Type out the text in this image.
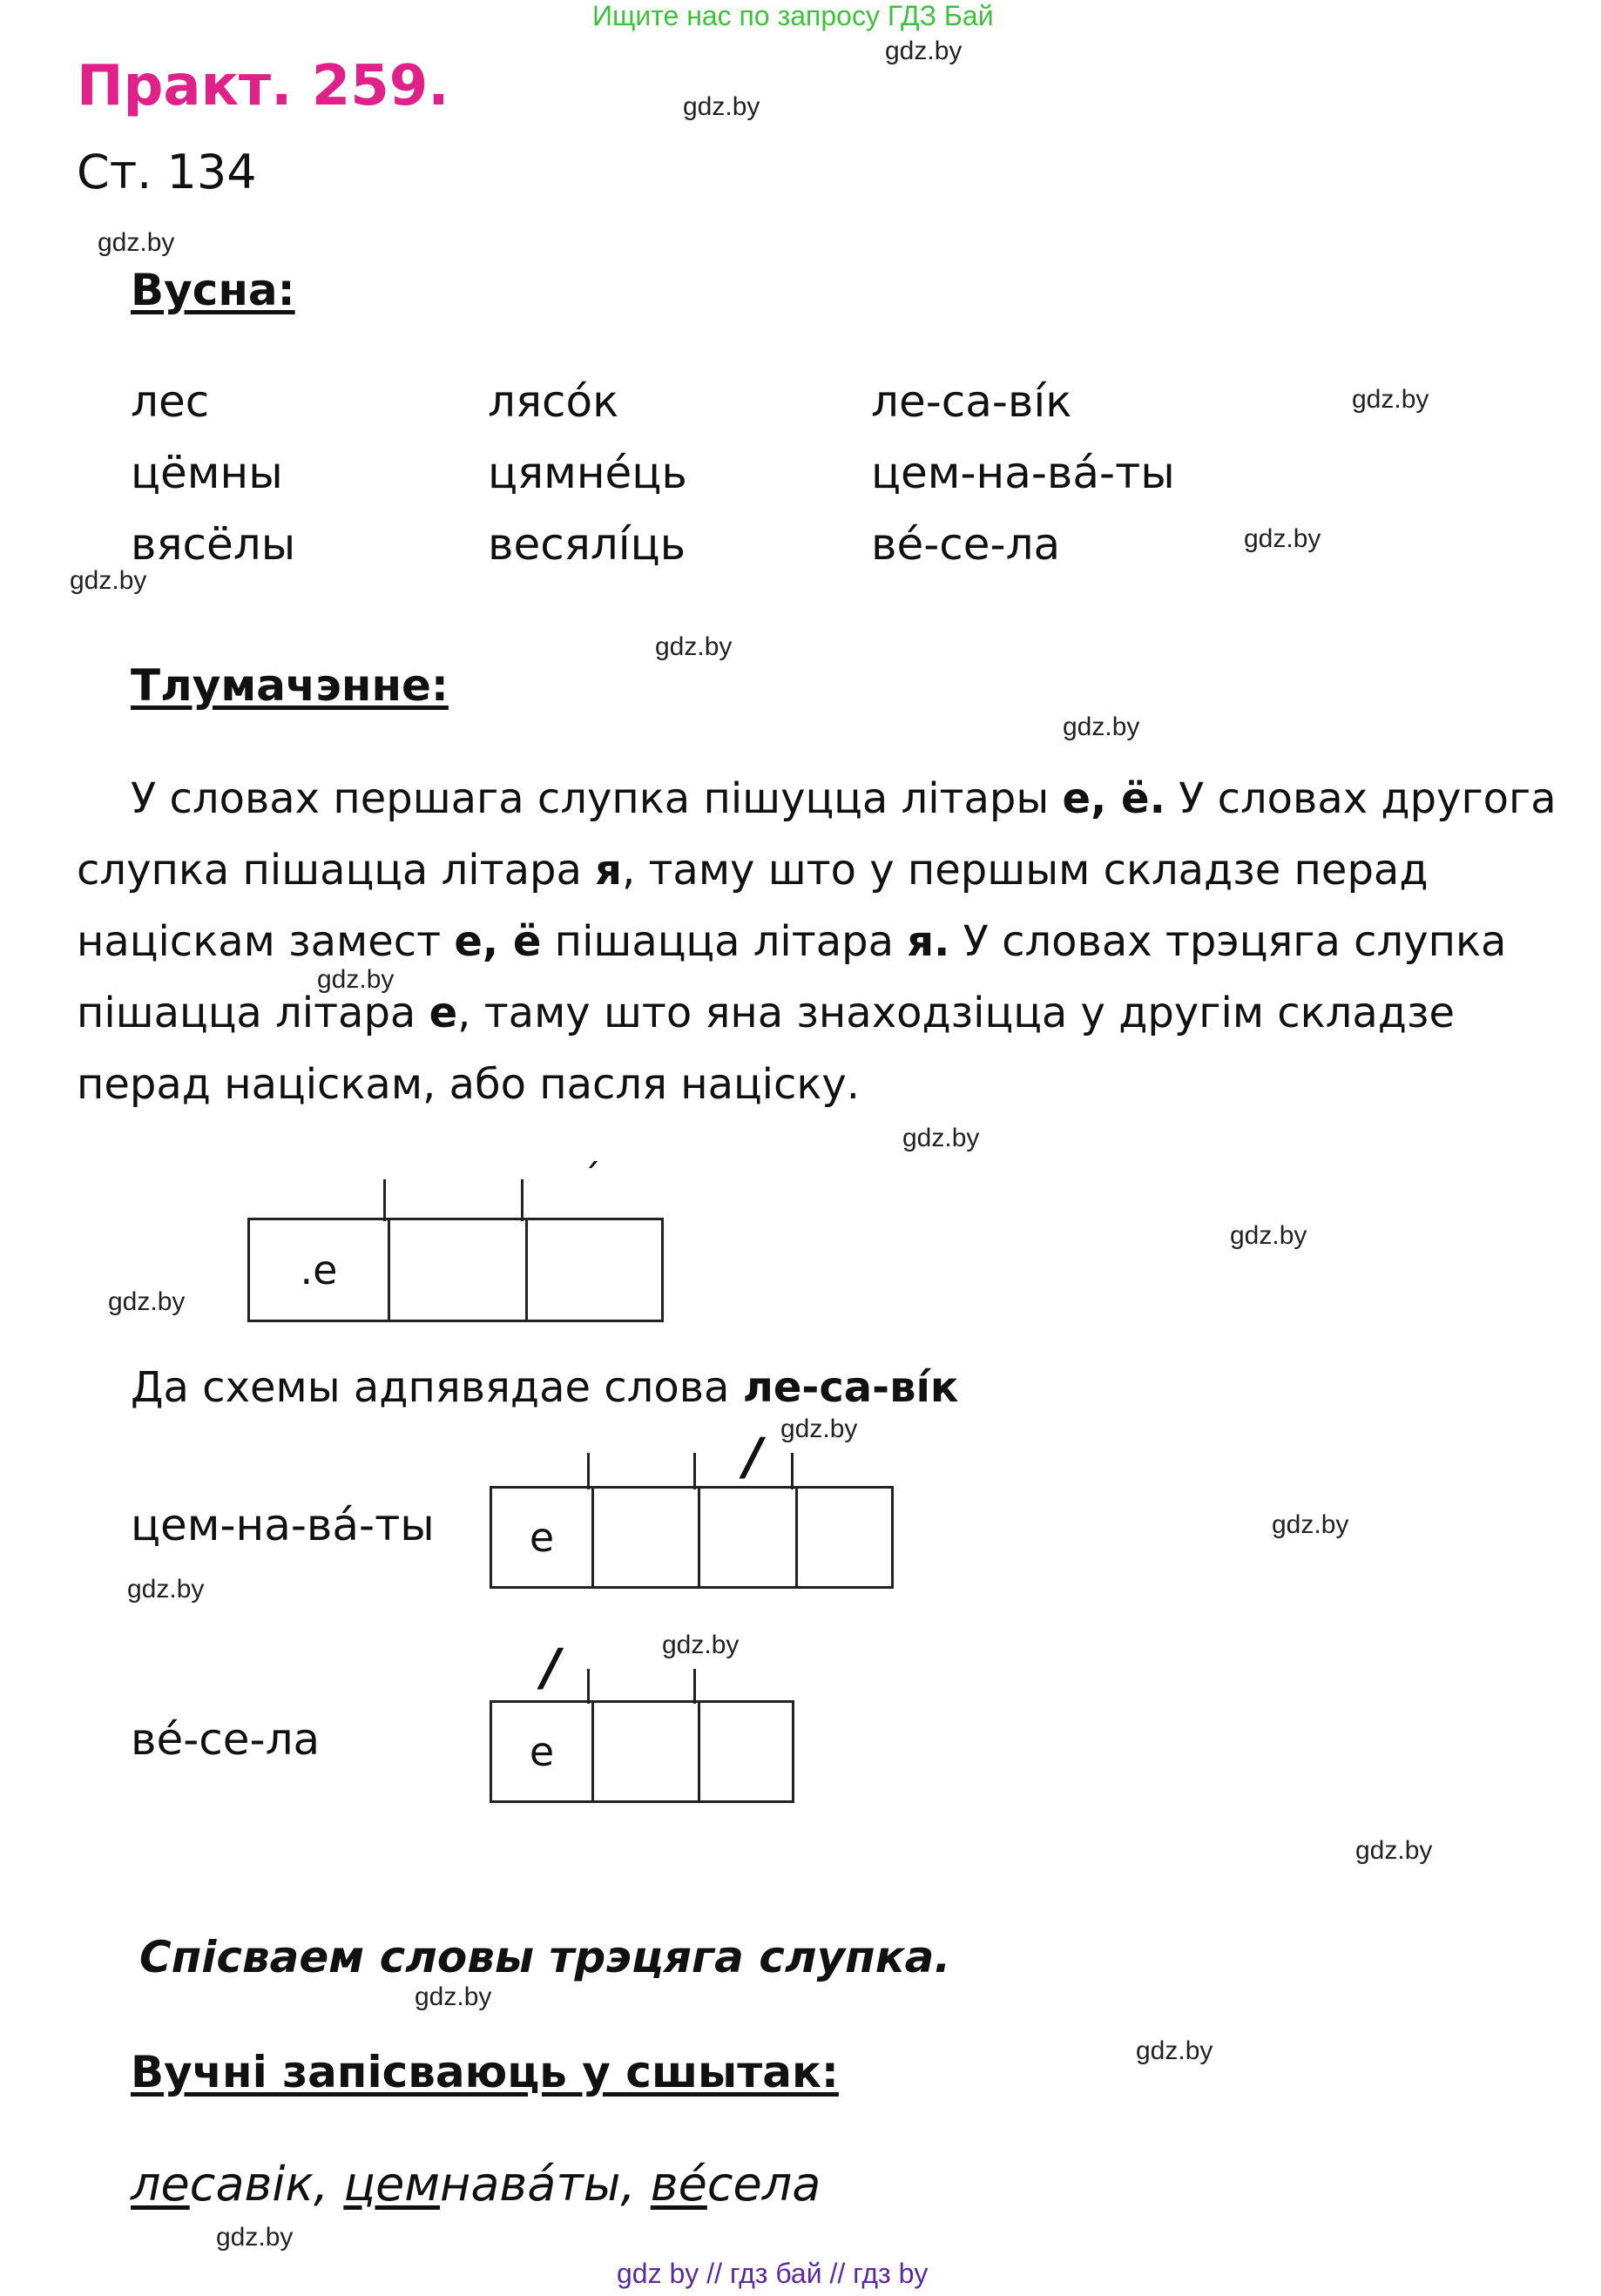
Ищите нас по запросу ГДЗ Бай
Практ. 259.
Ст. 134
Вусна:
лес	лясо́к	ле-са-ві́к
цёмны	цямне́ць	цем-на-ва́-ты
вясёлы	весялі́ць	ве́-се-ла
Тлумачэнне:
У словах першага слупка пішуцца літары е, ё. У словах другога
слупка пішацца літара я, таму што у першым складзе перад
націскам замест е, ё пішацца літара я. У словах трэцяга слупка
пішацца літара е, таму што яна знаходзіцца у другім складзе
перад націскам, або пасля націску.
.е
´
Да схемы адпявядае слова ле-са-ві́к
цем-на-ва́-ты	е
/
ве́-се-ла	е
/
Спісваем словы трэцяга слупка.
Вучні запісваюць у сшытак:
лесавік, цемнавáты, вéсела
gdz by // гдз бай // гдз by
gdz.by
gdz.by
gdz.by
gdz.by
gdz.by
gdz.by
gdz.by
gdz.by
gdz.by
gdz.by
gdz.by
gdz.by
gdz.by
gdz.by
gdz.by
gdz.by
gdz.by
gdz.by
gdz.by
gdz.by
